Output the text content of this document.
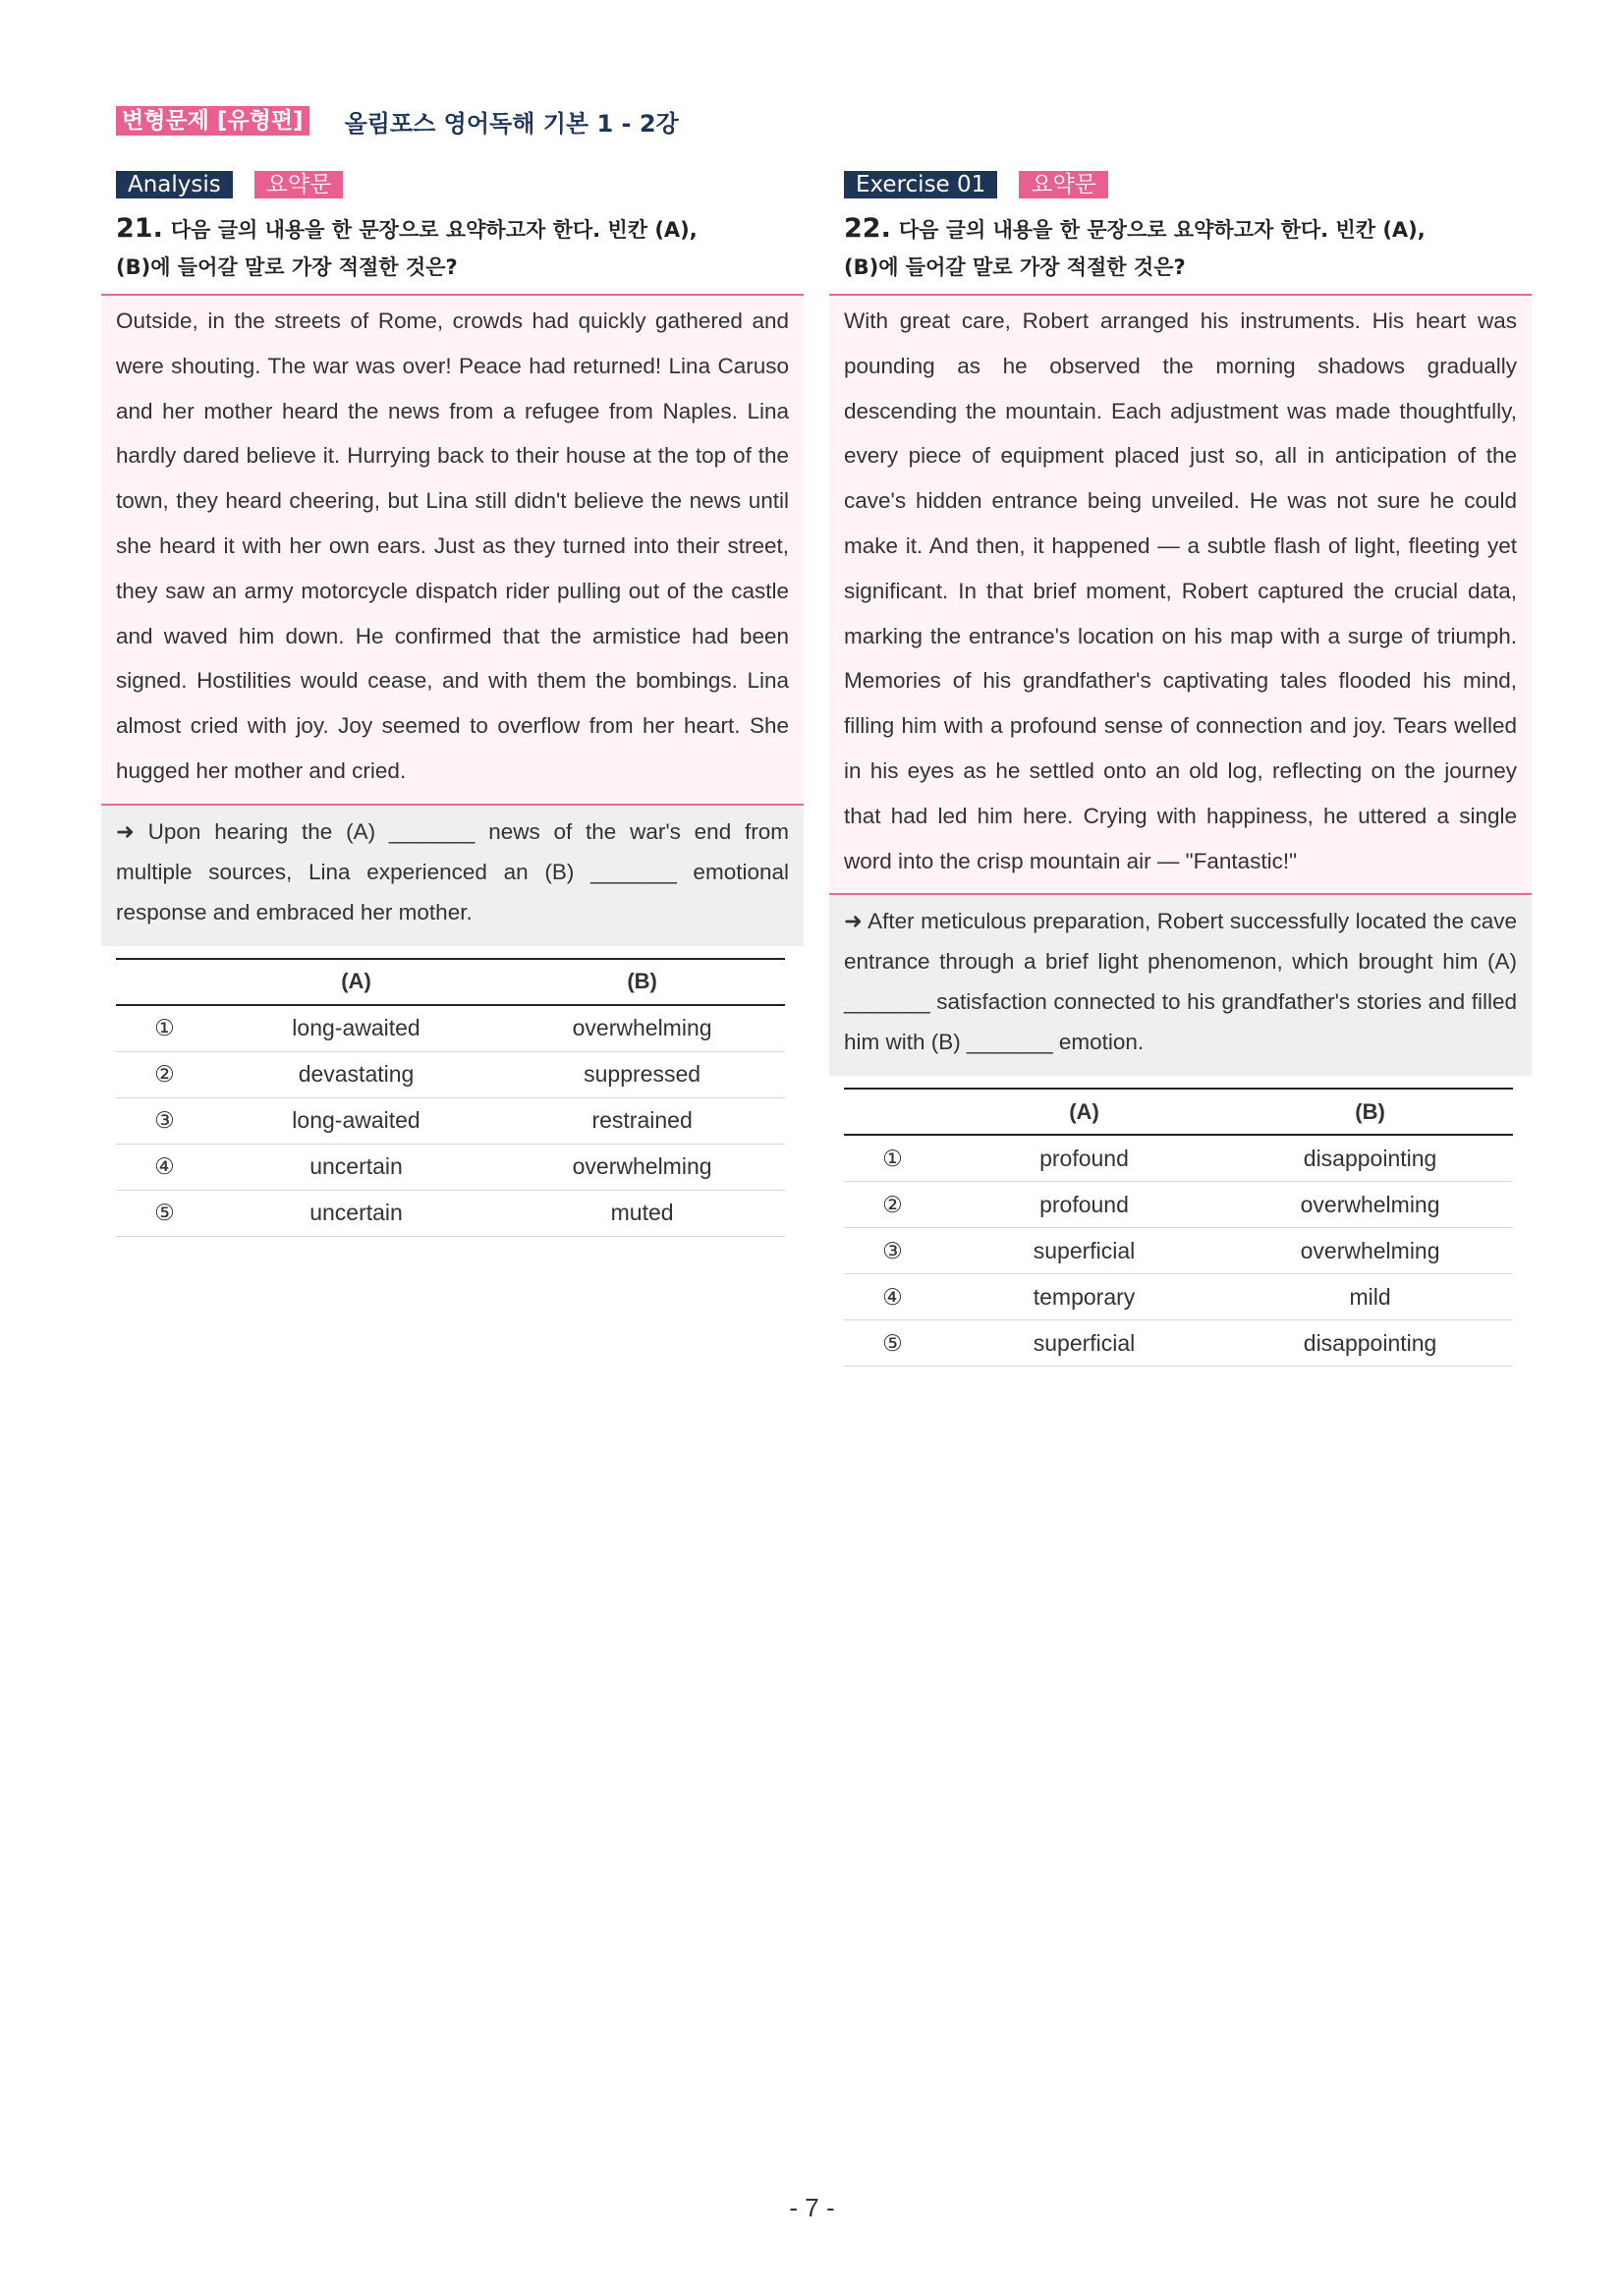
변형문제 [유형편] 올림포스 영어독해 기본 1 - 2강
Analysis	요약문
21. 다음 글의 내용을 한 문장으로 요약하고자 한다. 빈칸 (A),
(B)에 들어갈 말로 가장 적절한 것은?
Outside, in the streets of Rome, crowds had quickly gathered and were shouting. The war was over! Peace had returned! Lina Caruso and her mother heard the news from a refugee from Naples. Lina hardly dared believe it. Hurrying back to their house at the top of the town, they heard cheering, but Lina still didn't believe the news until she heard it with her own ears. Just as they turned into their street, they saw an army motorcycle dispatch rider pulling out of the castle and waved him down. He confirmed that the armistice had been signed. Hostilities would cease, and with them the bombings. Lina almost cried with joy. Joy seemed to overflow from her heart. She hugged her mother and cried.
➜ Upon hearing the (A) _______ news of the war's end from multiple sources, Lina experienced an (B) _______ emotional response and embraced her mother.
	(A)	(B)
①	long-awaited	overwhelming
②	devastating	suppressed
③	long-awaited	restrained
④	uncertain	overwhelming
⑤	uncertain	muted
Exercise 01	요약문
22. 다음 글의 내용을 한 문장으로 요약하고자 한다. 빈칸 (A),
(B)에 들어갈 말로 가장 적절한 것은?
With great care, Robert arranged his instruments. His heart was pounding as he observed the morning shadows gradually descending the mountain. Each adjustment was made thoughtfully, every piece of equipment placed just so, all in anticipation of the cave's hidden entrance being unveiled. He was not sure he could make it. And then, it happened — a subtle flash of light, fleeting yet significant. In that brief moment, Robert captured the crucial data, marking the entrance's location on his map with a surge of triumph. Memories of his grandfather's captivating tales flooded his mind, filling him with a profound sense of connection and joy. Tears welled in his eyes as he settled onto an old log, reflecting on the journey that had led him here. Crying with happiness, he uttered a single word into the crisp mountain air — "Fantastic!"
➜ After meticulous preparation, Robert successfully located the cave entrance through a brief light phenomenon, which brought him (A) _______ satisfaction connected to his grandfather's stories and filled him with (B) _______ emotion.
	(A)	(B)
①	profound	disappointing
②	profound	overwhelming
③	superficial	overwhelming
④	temporary	mild
⑤	superficial	disappointing
- 7 -
